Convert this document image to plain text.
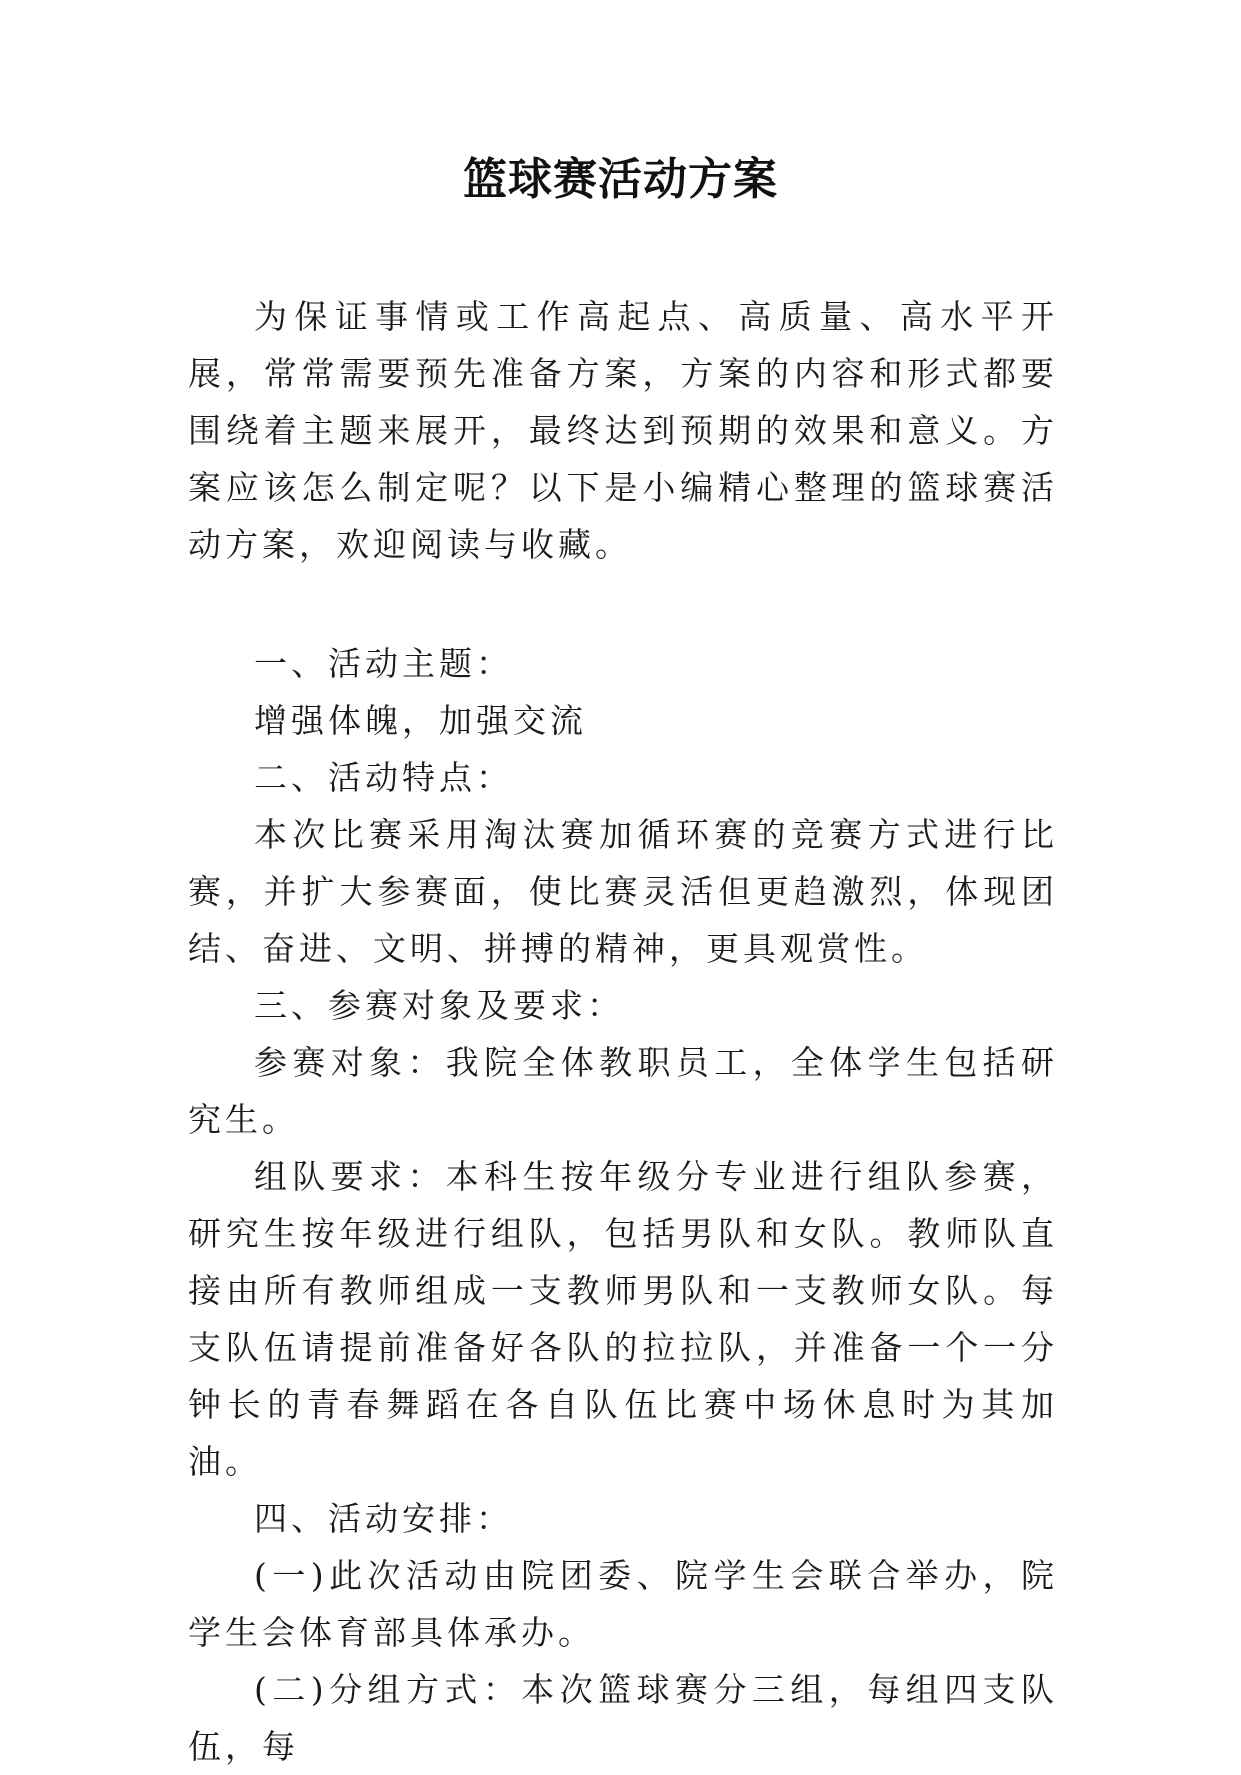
篮球赛活动方案

为保证事情或工作高起点、高质量、高水平开展，常常需要预先准备方案，方案的内容和形式都要围绕着主题来展开，最终达到预期的效果和意义。方案应该怎么制定呢？以下是小编精心整理的篮球赛活动方案，欢迎阅读与收藏。

一、活动主题：

增强体魄，加强交流

二、活动特点：

本次比赛采用淘汰赛加循环赛的竞赛方式进行比赛，并扩大参赛面，使比赛灵活但更趋激烈，体现团结、奋进、文明、拼搏的精神，更具观赏性。

三、参赛对象及要求：

参赛对象：我院全体教职员工，全体学生包括研究生。

组队要求：本科生按年级分专业进行组队参赛，研究生按年级进行组队，包括男队和女队。教师队直接由所有教师组成一支教师男队和一支教师女队。每支队伍请提前准备好各队的拉拉队，并准备一个一分钟长的青春舞蹈在各自队伍比赛中场休息时为其加油。

四、活动安排：

(一)此次活动由院团委、院学生会联合举办，院学生会体育部具体承办。

(二)分组方式：本次篮球赛分三组，每组四支队伍，每
